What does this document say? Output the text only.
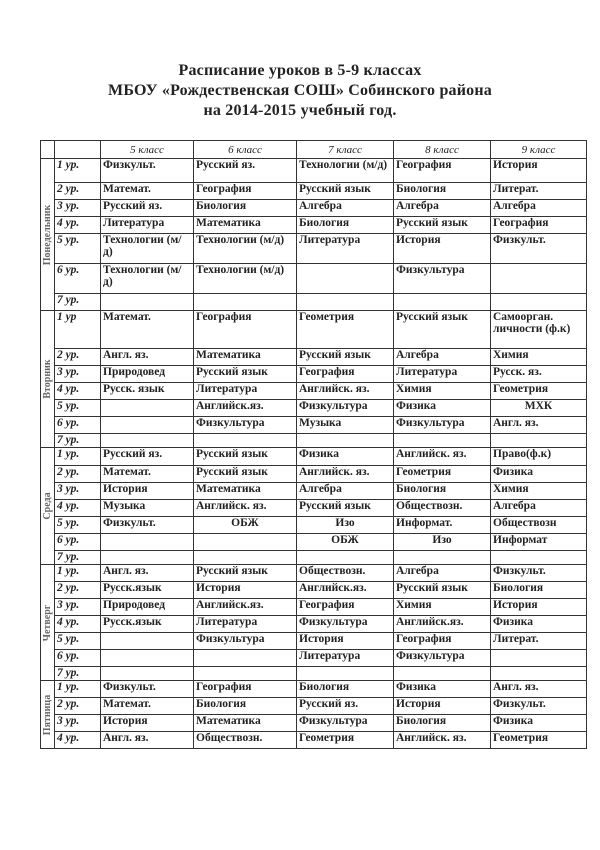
Расписание уроков в 5-9 классах
МБОУ «Рождественская СОШ» Собинского района
на 2014-2015 учебный год.
		5 класс	6 класс	7 класс	8 класс	9 класс

Понедельник	1 ур.	Физкульт.	Русский яз.	Технологии (м/д)	География	История
	2 ур.	Математ.	География	Русский язык	Биология	Литерат.
	3 ур.	Русский яз.	Биология	Алгебра	Алгебра	Алгебра
	4 ур.	Литература	Математика	Биология	Русский язык	География
	5 ур.	Технологии (м/д)	Технологии (м/д)	Литература	История	Физкульт.
	6 ур.	Технологии (м/д)	Технологии (м/д)		Физкультура	
	7 ур.					

Вторник	1 ур	Математ.	География	Геометрия	Русский язык	Самоорган. личности (ф.к)
	2 ур.	Англ. яз.	Математика	Русский язык	Алгебра	Химия
	3 ур.	Природовед	Русский язык	География	Литература	Русск. яз.
	4 ур.	Русск. язык	Литература	Английск. яз.	Химия	Геометрия
	5 ур.		Английск.яз.	Физкультура	Физика	МХК
	6 ур.		Физкультура	Музыка	Физкультура	Англ. яз.
	7 ур.					

Среда	1 ур.	Русский яз.	Русский язык	Физика	Английск. яз.	Право(ф.к)
	2 ур.	Математ.	Русский язык	Английск. яз.	Геометрия	Физика
	3 ур.	История	Математика	Алгебра	Биология	Химия
	4 ур.	Музыка	Английск. яз.	Русский язык	Обществозн.	Алгебра
	5 ур.	Физкульт.	ОБЖ	Изо	Информат.	Обществозн
	6 ур.			ОБЖ	Изо	Информат
	7 ур.					

Четверг	1 ур.	Англ. яз.	Русский язык	Обществозн.	Алгебра	Физкульт.
	2 ур.	Русск.язык	История	Английск.яз.	Русский язык	Биология
	3 ур.	Природовед	Английск.яз.	География	Химия	История
	4 ур.	Русск.язык	Литература	Физкультура	Английск.яз.	Физика
	5 ур.		Физкультура	История	География	Литерат.
	6 ур.			Литература	Физкультура	
	7 ур.					

Пятница	1 ур.	Физкульт.	География	Биология	Физика	Англ. яз.
	2 ур.	Математ.	Биология	Русский яз.	История	Физкульт.
	3 ур.	История	Математика	Физкультура	Биология	Физика
	4 ур.	Англ. яз.	Обществозн.	Геометрия	Английск. яз.	Геометрия
